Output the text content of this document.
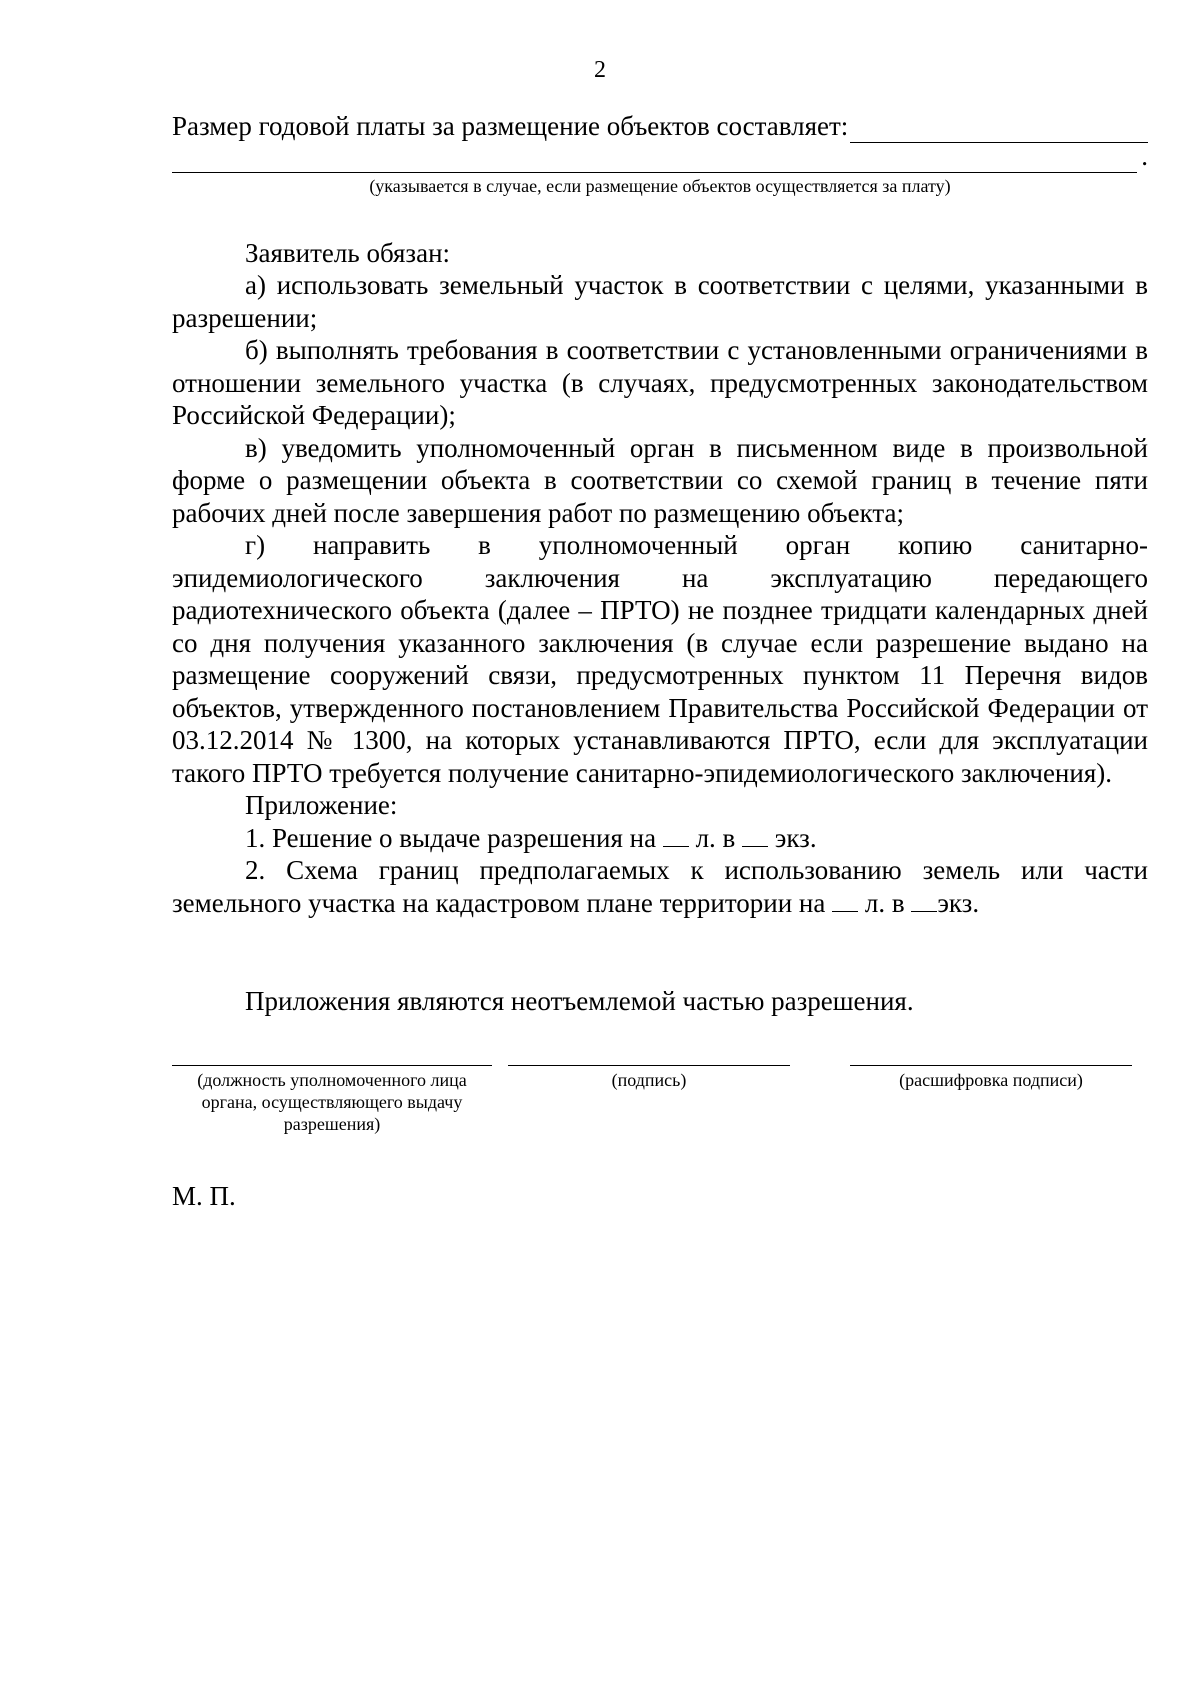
2
Размер годовой платы за размещение объектов составляет:
.
(указывается в случае, если размещение объектов осуществляется за плату)

Заявитель обязан:

а) использовать земельный участок в соответствии с целями, указанными в разрешении;

б) выполнять требования в соответствии с установленными ограничениями в отношении земельного участка (в случаях, предусмотренных законодательством Российской Федерации);

в) уведомить уполномоченный орган в письменном виде в произвольной форме о размещении объекта в соответствии со схемой границ в течение пяти рабочих дней после завершения работ по размещению объекта;

г) направить в уполномоченный орган копию санитарно-эпидемиологического заключения на эксплуатацию передающего радиотехнического объекта (далее – ПРТО) не позднее тридцати календарных дней со дня получения указанного заключения (в случае если разрешение выдано на размещение сооружений связи, предусмотренных пунктом 11 Перечня видов объектов, утвержденного постановлением Правительства Российской Федерации от 03.12.2014 № 1300, на которых устанавливаются ПРТО, если для эксплуатации такого ПРТО требуется получение санитарно-эпидемиологического заключения).

Приложение:

1. Решение о выдаче разрешения на  л. в  экз.

2. Схема границ предполагаемых к использованию земель или части земельного участка на кадастровом плане территории на  л. в экз.

Приложения являются неотъемлемой частью разрешения.

(должность уполномоченного лица органа, осуществляющего выдачу разрешения)
(подпись)	(расшифровка подписи)
М. П.
